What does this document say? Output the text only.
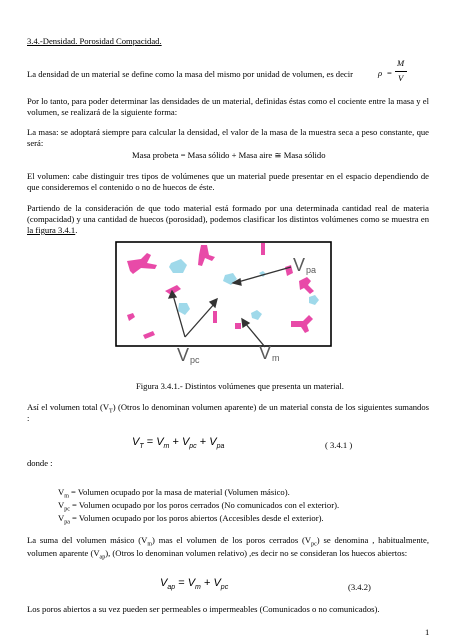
3.4.-Densidad. Porosidad Compacidad.
La densidad de un material se define como la masa del mismo por unidad de volumen, es decir	ρ =
M
V
Por lo tanto, para poder determinar las densidades de un material, definidas éstas como el cociente entre la masa y el volumen, se realizará de la siguiente forma:
La masa: se adoptará siempre para calcular la densidad, el valor de la masa de la muestra seca a peso constante, que será:
Masa probeta = Masa sólido + Masa aire ≅ Masa sólido
El volumen: cabe distinguir tres tipos de volúmenes que un material puede presentar en el espacio dependiendo de que consideremos el contenido o no de huecos de éste.
Partiendo de la consideración de que todo material está formado por una determinada cantidad real de materia (compacidad) y una cantidad de huecos (porosidad), podemos clasificar los distintos volúmenes como se muestra en la figura 3.4.1.
V pa
V pc	V m
Figura 3.4.1.- Distintos volúmenes que presenta un material.
Así el volumen total $(V_T)$ (Otros lo denominan volumen aparente) de un material consta de los siguientes sumandos :
$V_T = V_m + V_{pc} + V_{pa}$	( 3.4.1 )
donde :
$V_m$ = Volumen ocupado por la masa de material (Volumen másico).
$V_{pc}$ = Volumen ocupado por los poros cerrados (No comunicados con el exterior).
$V_{pa}$ = Volumen ocupado por los poros abiertos (Accesibles desde el exterior).
La suma del volumen másico $(V_m)$ mas el volumen de los poros cerrados $(V_{pc})$ se denomina , habitualmente, volumen aparente $(V_{ap})$, (Otros lo denominan volumen relativo) ,es decir no se consideran los huecos abiertos:
$V_{ap} = V_m + V_{pc}$	(3.4.2)
Los poros abiertos a su vez pueden ser permeables o impermeables (Comunicados o no comunicados).
1
